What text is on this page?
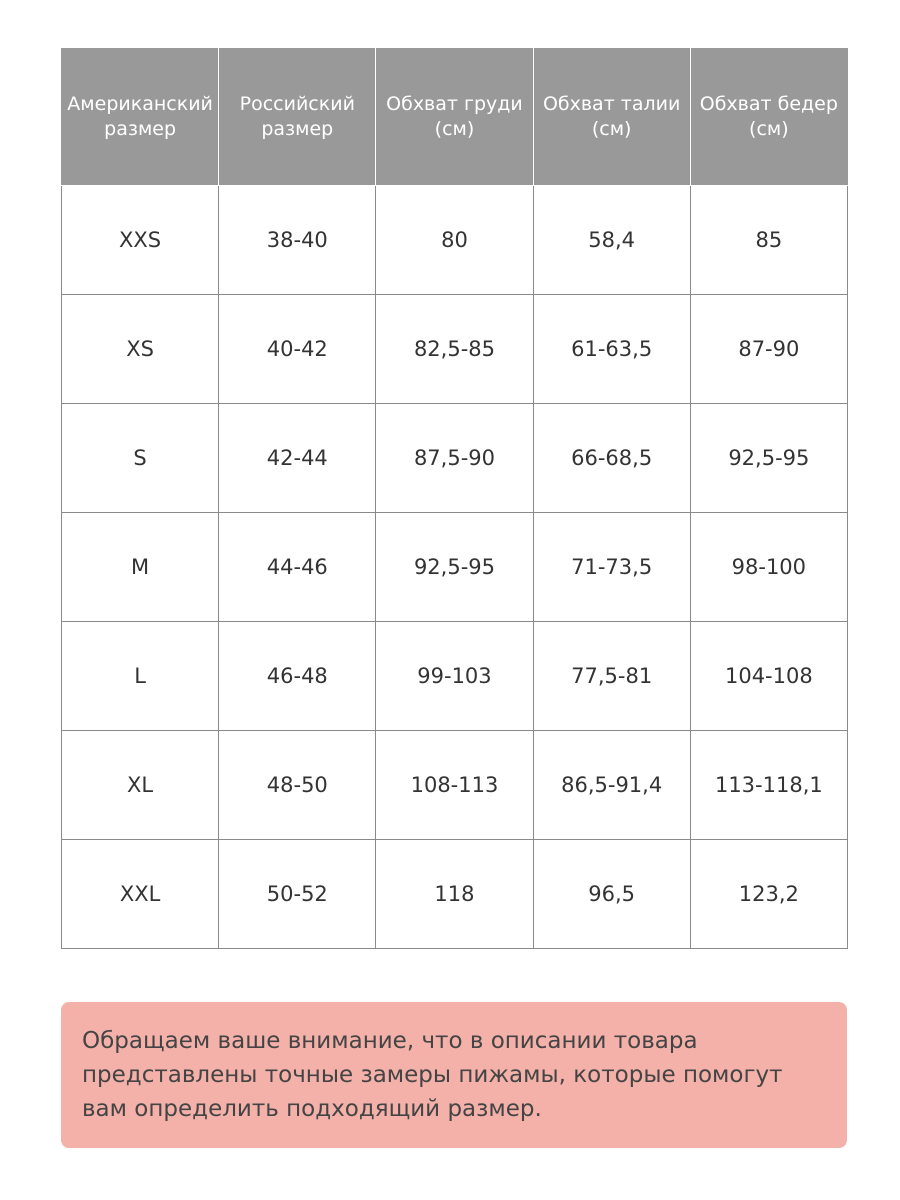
Американский размер	Российский размер	Обхват груди (см)	Обхват талии (см)	Обхват бедер (см)
XXS	38-40	80	58,4	85
XS	40-42	82,5-85	61-63,5	87-90
S	42-44	87,5-90	66-68,5	92,5-95
M	44-46	92,5-95	71-73,5	98-100
L	46-48	99-103	77,5-81	104-108
XL	48-50	108-113	86,5-91,4	113-118,1
XXL	50-52	118	96,5	123,2
Обращаем ваше внимание, что в описании товара представлены точные замеры пижамы, которые помогут вам определить подходящий размер.
